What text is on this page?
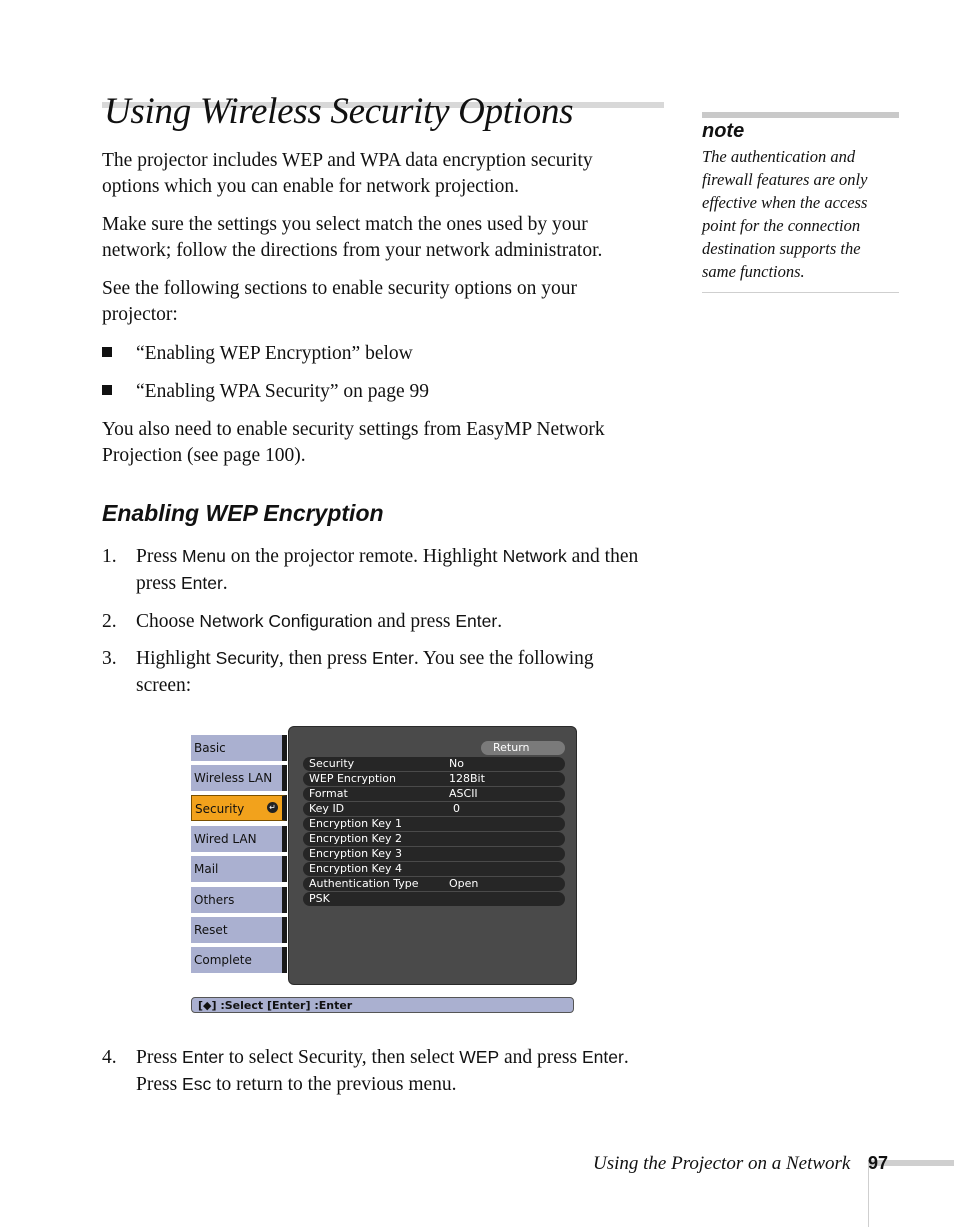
Using Wireless Security Options

The projector includes WEP and WPA data encryption security options which you can enable for network projection.

Make sure the settings you select match the ones used by your network; follow the directions from your network administrator.

See the following sections to enable security options on your projector:

“Enabling WEP Encryption” below
“Enabling WPA Security” on page 99

You also need to enable security settings from EasyMP Network Projection (see page 100).

Enabling WEP Encryption
1. Press Menu on the projector remote. Highlight Network and then press Enter.
2. Choose Network Configuration and press Enter.
3. Highlight Security, then press Enter. You see the following screen:
Basic
Wireless LAN
Security	↵
Wired LAN
Mail
Others
Reset
Complete
Return
Security	No
WEP Encryption	128Bit
Format	ASCII
Key ID	0
Encryption Key 1
Encryption Key 2
Encryption Key 3
Encryption Key 4
Authentication Type	Open
PSK
[◆] :Select [Enter] :Enter
4. Press Enter to select Security, then select WEP and press Enter. Press Esc to return to the previous menu.
note

The authentication and firewall features are only effective when the access point for the connection destination supports the same functions.

Using the Projector on a Network 97
